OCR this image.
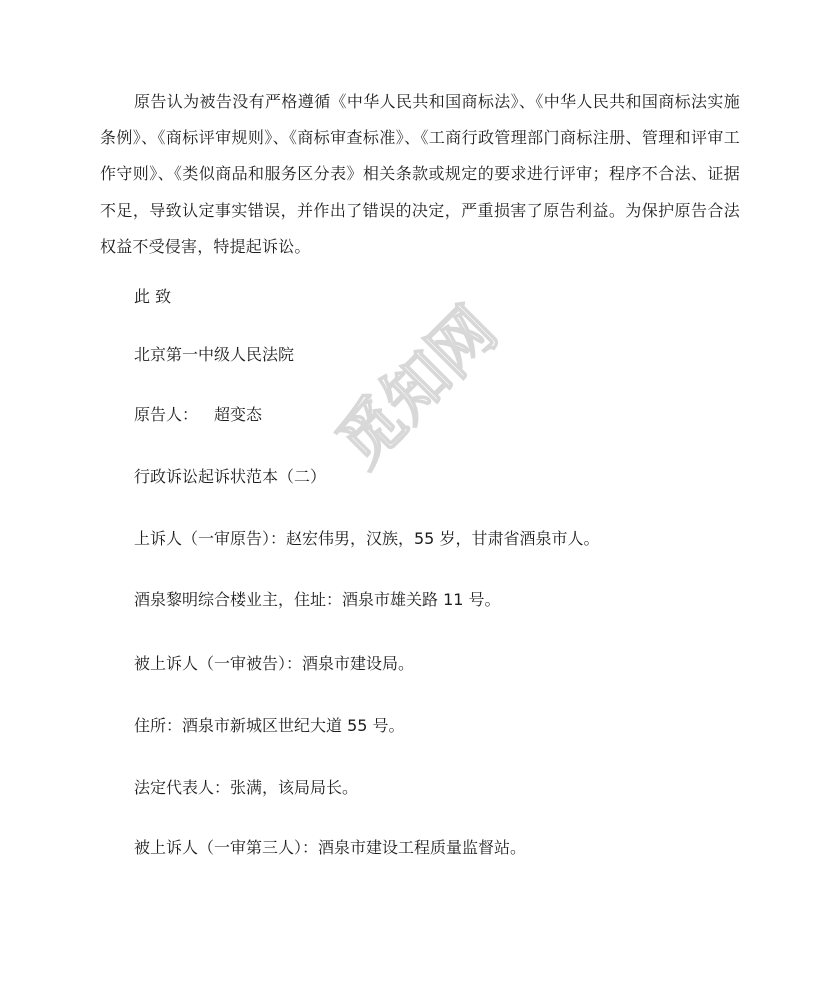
觅知网

原告认为被告没有严格遵循《中华人民共和国商标法》、《中华人民共和国商标法实施条例》、《商标评审规则》、《商标审查标准》、《工商行政管理部门商标注册、管理和评审工作守则》、《类似商品和服务区分表》相关条款或规定的要求进行评审；程序不合法、证据不足，导致认定事实错误，并作出了错误的决定，严重损害了原告利益。为保护原告合法权益不受侵害，特提起诉讼。

此 致

北京第一中级人民法院

原告人： 超变态

行政诉讼起诉状范本（二）

上诉人（一审原告）：赵宏伟男，汉族，55 岁，甘肃省酒泉市人。

酒泉黎明综合楼业主，住址：酒泉市雄关路 11 号。

被上诉人（一审被告）：酒泉市建设局。

住所：酒泉市新城区世纪大道 55 号。

法定代表人：张满，该局局长。

被上诉人（一审第三人）：酒泉市建设工程质量监督站。
